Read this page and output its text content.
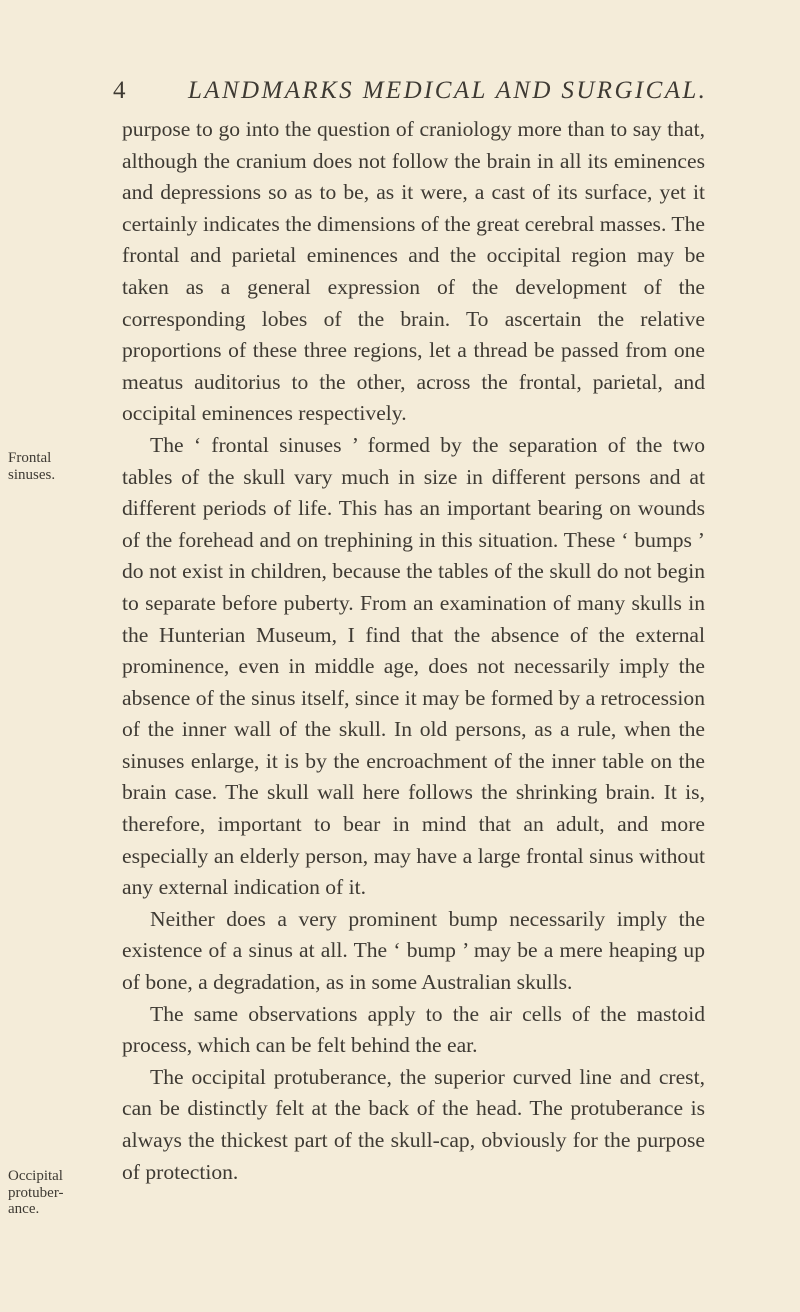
4	LANDMARKS MEDICAL AND SURGICAL.
Frontal
sinuses.
Occipital
protuber-
ance.

purpose to go into the question of craniology more than to say that, although the cranium does not follow the brain in all its eminences and depressions so as to be, as it were, a cast of its surface, yet it certainly indicates the dimensions of the great cerebral masses. The frontal and parietal eminences and the occipital region may be taken as a general expression of the development of the corresponding lobes of the brain. To ascertain the relative proportions of these three regions, let a thread be passed from one meatus auditorius to the other, across the frontal, parietal, and occipital eminences respectively.

The ‘ frontal sinuses ’ formed by the separation of the two tables of the skull vary much in size in different persons and at different periods of life. This has an important bearing on wounds of the forehead and on trephining in this situation. These ‘ bumps ’ do not exist in children, because the tables of the skull do not begin to separate before puberty. From an examination of many skulls in the Hunterian Museum, I find that the absence of the external prominence, even in middle age, does not necessarily imply the absence of the sinus itself, since it may be formed by a retrocession of the inner wall of the skull. In old persons, as a rule, when the sinuses enlarge, it is by the encroachment of the inner table on the brain case. The skull wall here follows the shrinking brain. It is, therefore, important to bear in mind that an adult, and more especially an elderly person, may have a large frontal sinus without any external indication of it.

Neither does a very prominent bump necessarily imply the existence of a sinus at all. The ‘ bump ’ may be a mere heaping up of bone, a degradation, as in some Australian skulls.

The same observations apply to the air cells of the mastoid process, which can be felt behind the ear.

The occipital protuberance, the superior curved line and crest, can be distinctly felt at the back of the head. The protuberance is always the thickest part of the skull-cap, obviously for the purpose of protection.
